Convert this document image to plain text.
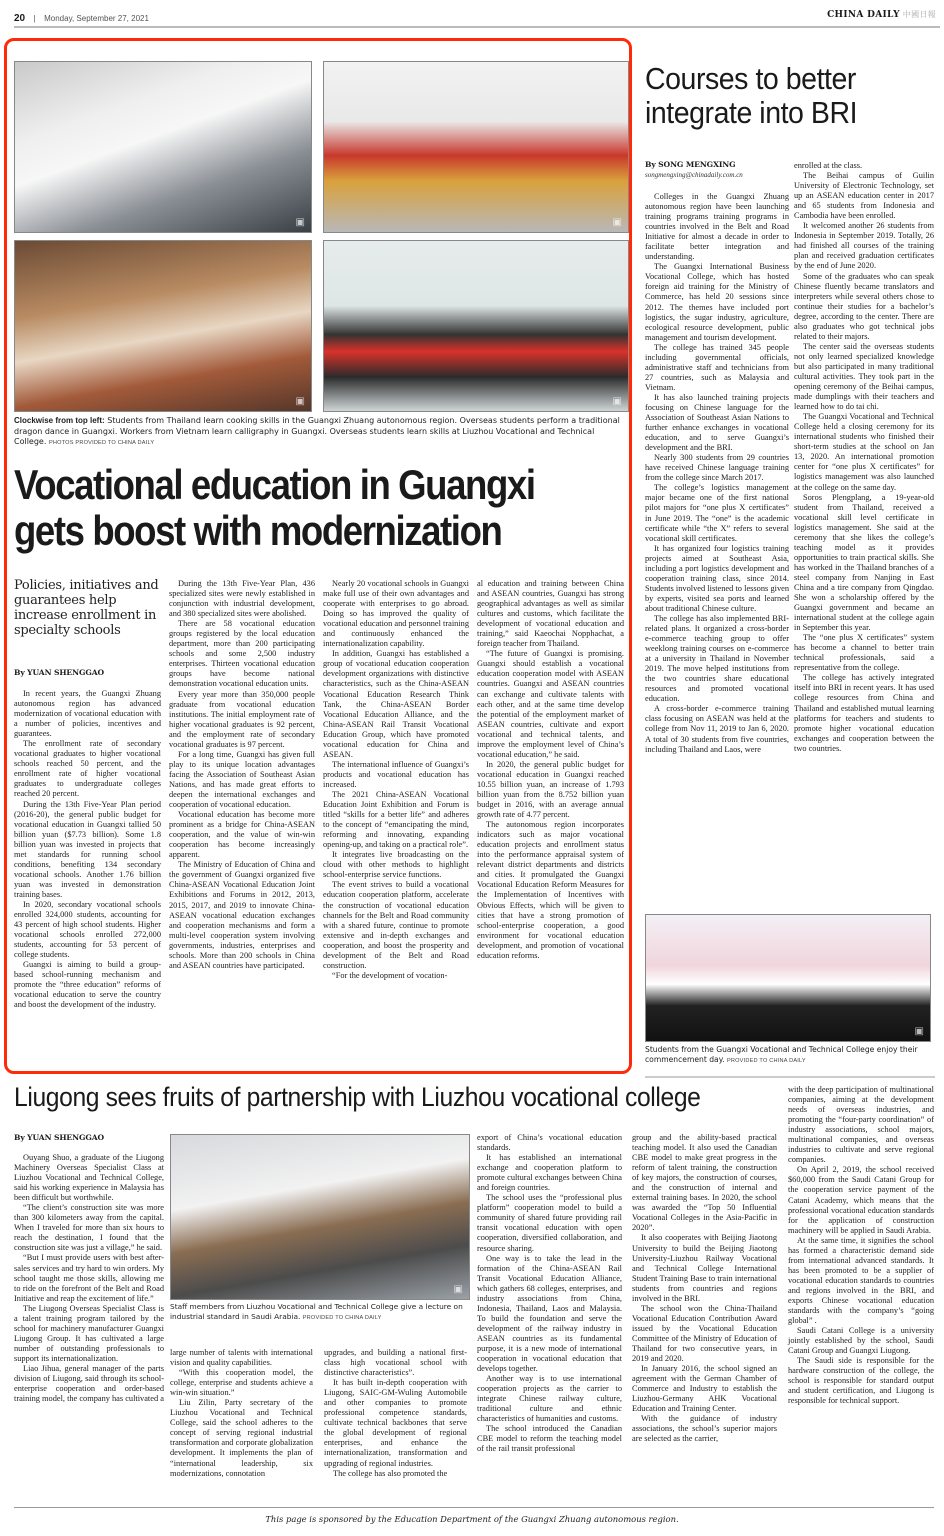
20 | Monday, September 27, 2021	CHINA DAILY 中國日報
▣	▣
▣	▣
Clockwise from top left: Students from Thailand learn cooking skills in the Guangxi Zhuang autonomous region. Overseas students perform a traditional dragon dance in Guangxi. Workers from Vietnam learn calligraphy in Guangxi. Overseas students learn skills at Liuzhou Vocational and Technical College. PHOTOS PROVIDED TO CHINA DAILY
Vocational education in Guangxi
gets boost with modernization
Policies, initiatives and guarantees help increase enrollment in specialty schools
By YUAN SHENGGAO

In recent years, the Guangxi Zhuang autonomous region has advanced modernization of vocational education with a number of policies, incentives and guarantees.

The enrollment rate of secondary vocational graduates to higher vocational schools reached 50 percent, and the enrollment rate of higher vocational graduates to undergraduate colleges reached 20 percent.

During the 13th Five-Year Plan period (2016-20), the general public budget for vocational education in Guangxi tallied 50 billion yuan ($7.73 billion). Some 1.8 billion yuan was invested in projects that met standards for running school conditions, benefiting 134 secondary vocational schools. Another 1.76 billion yuan was invested in demonstration training bases.

In 2020, secondary vocational schools enrolled 324,000 students, accounting for 43 percent of high school students. Higher vocational schools enrolled 272,000 students, accounting for 53 percent of college students.

Guangxi is aiming to build a group-based school-running mechanism and promote the “three education” reforms of vocational education to serve the country and boost the development of the industry.

During the 13th Five-Year Plan, 436 specialized sites were newly established in conjunction with industrial development, and 380 specialized sites were abolished.

There are 58 vocational education groups registered by the local education department, more than 200 participating schools and some 2,500 industry enterprises. Thirteen vocational education groups have become national demonstration vocational education units.

Every year more than 350,000 people graduate from vocational education institutions. The initial employment rate of higher vocational graduates is 92 percent, and the employment rate of secondary vocational graduates is 97 percent.

For a long time, Guangxi has given full play to its unique location advantages facing the Association of Southeast Asian Nations, and has made great efforts to deepen the international exchanges and cooperation of vocational education.

Vocational education has become more prominent as a bridge for China-ASEAN cooperation, and the value of win-win cooperation has become increasingly apparent.

The Ministry of Education of China and the government of Guangxi organized five China-ASEAN Vocational Education Joint Exhibitions and Forums in 2012, 2013, 2015, 2017, and 2019 to innovate China-ASEAN vocational education exchanges and cooperation mechanisms and form a multi-level cooperation system involving governments, industries, enterprises and schools. More than 200 schools in China and ASEAN countries have participated.

Nearly 20 vocational schools in Guangxi make full use of their own advantages and cooperate with enterprises to go abroad. Doing so has improved the quality of vocational education and personnel training and continuously enhanced the internationalization capability.

In addition, Guangxi has established a group of vocational education cooperation development organizations with distinctive characteristics, such as the China-ASEAN Vocational Education Research Think Tank, the China-ASEAN Border Vocational Education Alliance, and the China-ASEAN Rail Transit Vocational Education Group, which have promoted vocational education for China and ASEAN.

The international influence of Guangxi’s products and vocational education has increased.

The 2021 China-ASEAN Vocational Education Joint Exhibition and Forum is titled “skills for a better life” and adheres to the concept of “emancipating the mind, reforming and innovating, expanding opening-up, and taking on a practical role”.

It integrates live broadcasting on the cloud with other methods to highlight school-enterprise service functions.

The event strives to build a vocational education cooperation platform, accelerate the construction of vocational education channels for the Belt and Road community with a shared future, continue to promote extensive and in-depth exchanges and cooperation, and boost the prosperity and development of the Belt and Road construction.

“For the development of vocation-

al education and training between China and ASEAN countries, Guangxi has strong geographical advantages as well as similar cultures and customs, which facilitate the development of vocational education and training,” said Kaeochai Nopphachat, a foreign teacher from Thailand.

“The future of Guangxi is promising. Guangxi should establish a vocational education cooperation model with ASEAN countries. Guangxi and ASEAN countries can exchange and cultivate talents with each other, and at the same time develop the potential of the employment market of ASEAN countries, cultivate and export vocational and technical talents, and improve the employment level of China’s vocational education,” he said.

In 2020, the general public budget for vocational education in Guangxi reached 10.55 billion yuan, an increase of 1.793 billion yuan from the 8.752 billion yuan budget in 2016, with an average annual growth rate of 4.77 percent.

The autonomous region incorporates indicators such as major vocational education projects and enrollment status into the performance appraisal system of relevant district departments and districts and cities. It promulgated the Guangxi Vocational Education Reform Measures for the Implementation of Incentives with Obvious Effects, which will be given to cities that have a strong promotion of school-enterprise cooperation, a good environment for vocational education development, and promotion of vocational education reforms.

Courses to better integrate into BRI
By SONG MENGXING
songmengxing@chinadaily.com.cn

Colleges in the Guangxi Zhuang autonomous region have been launching training programs training programs in countries involved in the Belt and Road Initiative for almost a decade in order to facilitate better integration and understanding.

The Guangxi International Business Vocational College, which has hosted foreign aid training for the Ministry of Commerce, has held 20 sessions since 2012. The themes have included port logistics, the sugar industry, agriculture, ecological resource development, public management and tourism development.

The college has trained 345 people including governmental officials, administrative staff and technicians from 27 countries, such as Malaysia and Vietnam.

It has also launched training projects focusing on Chinese language for the Association of Southeast Asian Nations to further enhance exchanges in vocational education, and to serve Guangxi’s development and the BRI.

Nearly 300 students from 29 countries have received Chinese language training from the college since March 2017.

The college’s logistics management major became one of the first national pilot majors for “one plus X certificates” in June 2019. The “one” is the academic certificate while “the X” refers to several vocational skill certificates.

It has organized four logistics training projects aimed at Southeast Asia, including a port logistics development and cooperation training class, since 2014. Students involved listened to lessons given by experts, visited sea ports and learned about traditional Chinese culture.

The college has also implemented BRI-related plans. It organized a cross-border e-commerce teaching group to offer weeklong training courses on e-commerce at a university in Thailand in November 2019. The move helped institutions from the two countries share educational resources and promoted vocational education.

A cross-border e-commerce training class focusing on ASEAN was held at the college from Nov 11, 2019 to Jan 6, 2020. A total of 30 students from five countries, including Thailand and Laos, were

enrolled at the class.

The Beihai campus of Guilin University of Electronic Technology, set up an ASEAN education center in 2017 and 65 students from Indonesia and Cambodia have been enrolled.

It welcomed another 26 students from Indonesia in September 2019. Totally, 26 had finished all courses of the training plan and received graduation certificates by the end of June 2020.

Some of the graduates who can speak Chinese fluently became translators and interpreters while several others chose to continue their studies for a bachelor’s degree, according to the center. There are also graduates who got technical jobs related to their majors.

The center said the overseas students not only learned specialized knowledge but also participated in many traditional cultural activities. They took part in the opening ceremony of the Beihai campus, made dumplings with their teachers and learned how to do tai chi.

The Guangxi Vocational and Technical College held a closing ceremony for its international students who finished their short-term studies at the school on Jan 13, 2020. An international promotion center for “one plus X certificates” for logistics management was also launched at the college on the same day.

Soros Plengplang, a 19-year-old student from Thailand, received a vocational skill level certificate in logistics management. She said at the ceremony that she likes the college’s teaching model as it provides opportunities to train practical skills. She has worked in the Thailand branches of a steel company from Nanjing in East China and a tire company from Qingdao. She won a scholarship offered by the Guangxi government and became an international student at the college again in September this year.

The “one plus X certificates” system has become a channel to better train technical professionals, said a representative from the college.

The college has actively integrated itself into BRI in recent years. It has used college resources from China and Thailand and established mutual learning platforms for teachers and students to promote higher vocational education exchanges and cooperation between the two countries.

▣
Students from the Guangxi Vocational and Technical College enjoy their commencement day. PROVIDED TO CHINA DAILY
Liugong sees fruits of partnership with Liuzhou vocational college
By YUAN SHENGGAO

Ouyang Shuo, a graduate of the Liugong Machinery Overseas Specialist Class at Liuzhou Vocational and Technical College, said his working experience in Malaysia has been difficult but worthwhile.

“The client’s construction site was more than 300 kilometers away from the capital. When I traveled for more than six hours to reach the destination, I found that the construction site was just a village,” he said.

“But I must provide users with best after-sales services and try hard to win orders. My school taught me those skills, allowing me to ride on the forefront of the Belt and Road Initiative and reap the excitement of life.”

The Liugong Overseas Specialist Class is a talent training program tailored by the school for machinery manufacturer Guangxi Liugong Group. It has cultivated a large number of outstanding professionals to support its internationalization.

Liao Jihua, general manager of the parts division of Liugong, said through its school-enterprise cooperation and order-based training model, the company has cultivated a

▣
Staff members from Liuzhou Vocational and Technical College give a lecture on industrial standard in Saudi Arabia. PROVIDED TO CHINA DAILY

large number of talents with international vision and quality capabilities.

“With this cooperation model, the college, enterprise and students achieve a win-win situation.”

Liu Zilin, Party secretary of the Liuzhou Vocational and Technical College, said the school adheres to the concept of serving regional industrial transformation and corporate globalization development. It implements the plan of “international leadership, six modernizations, connotation

upgrades, and building a national first-class high vocational school with distinctive characteristics”.

It has built in-depth cooperation with Liugong, SAIC-GM-Wuling Automobile and other companies to promote professional competence standards, cultivate technical backbones that serve the global development of regional enterprises, and enhance the internationalization, transformation and upgrading of regional industries.

The college has also promoted the

export of China’s vocational education standards.

It has established an international exchange and cooperation platform to promote cultural exchanges between China and foreign countries.

The school uses the “professional plus platform” cooperation model to build a community of shared future providing rail transit vocational education with open cooperation, diversified collaboration, and resource sharing.

One way is to take the lead in the formation of the China-ASEAN Rail Transit Vocational Education Alliance, which gathers 68 colleges, enterprises, and industry associations from China, Indonesia, Thailand, Laos and Malaysia. To build the foundation and serve the development of the railway industry in ASEAN countries as its fundamental purpose, it is a new mode of international cooperation in vocational education that develops together.

Another way is to use international cooperation projects as the carrier to integrate Chinese railway culture, traditional culture and ethnic characteristics of humanities and customs.

The school introduced the Canadian CBE model to reform the teaching model of the rail transit professional

group and the ability-based practical teaching model. It also used the Canadian CBE model to make great progress in the reform of talent training, the construction of key majors, the construction of courses, and the construction of internal and external training bases. In 2020, the school was awarded the “Top 50 Influential Vocational Colleges in the Asia-Pacific in 2020”.

It also cooperates with Beijing Jiaotong University to build the Beijing Jiaotong University-Liuzhou Railway Vocational and Technical College International Student Training Base to train international students from countries and regions involved in the BRI.

The school won the China-Thailand Vocational Education Contribution Award issued by the Vocational Education Committee of the Ministry of Education of Thailand for two consecutive years, in 2019 and 2020.

In January 2016, the school signed an agreement with the German Chamber of Commerce and Industry to establish the Liuzhou-Germany AHK Vocational Education and Training Center.

With the guidance of industry associations, the school’s superior majors are selected as the carrier,

with the deep participation of multinational companies, aiming at the development needs of overseas industries, and promoting the “four-party coordination” of industry associations, school majors, multinational companies, and overseas industries to cultivate and serve regional companies.

On April 2, 2019, the school received $60,000 from the Saudi Catani Group for the cooperation service payment of the Catani Academy, which means that the professional vocational education standards for the application of construction machinery will be applied in Saudi Arabia.

At the same time, it signifies the school has formed a characteristic demand side from international advanced standards. It has been promoted to be a supplier of vocational education standards to countries and regions involved in the BRI, and exports Chinese vocational education standards with the company’s “going global” .

Saudi Catani College is a university jointly established by the school, Saudi Catani Group and Guangxi Liugong.

The Saudi side is responsible for the hardware construction of the college, the school is responsible for standard output and student certification, and Liugong is responsible for technical support.

This page is sponsored by the Education Department of the Guangxi Zhuang autonomous region.
